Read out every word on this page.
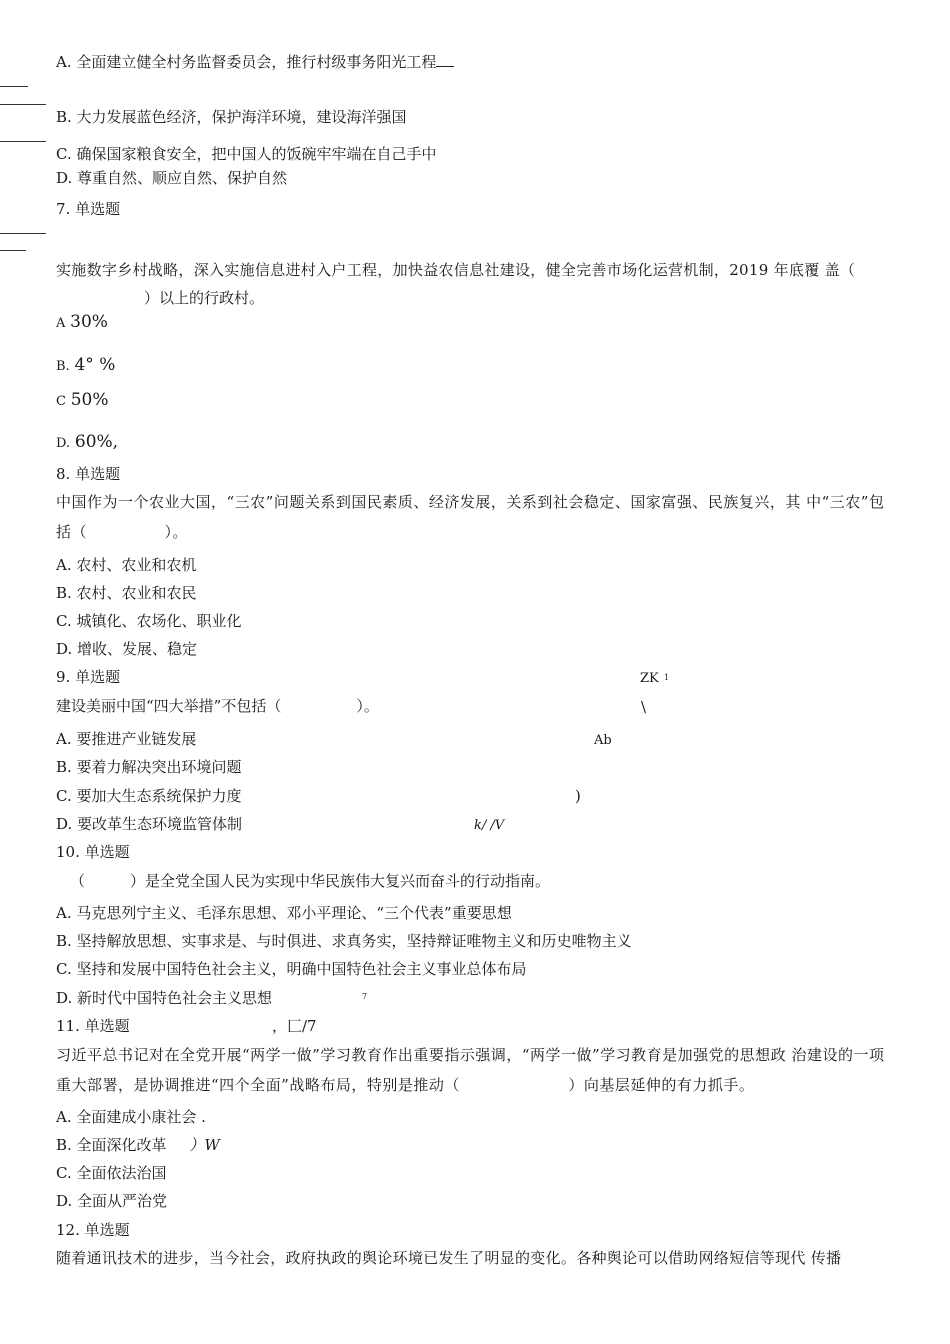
A. 全面建立健全村务监督委员会，推行村级事务阳光工程
B. 大力发展蓝色经济，保护海洋环境，建设海洋强国
C. 确保国家粮食安全，把中国人的饭碗牢牢端在自己手中
D. 尊重自然、顺应自然、保护自然
7. 单选题
实施数字乡村战略，深入实施信息进村入户工程，加快益农信息社建设，健全完善市场化运营机制，2019 年底覆 盖（
）以上的行政村。
A 30%
B. 4° %
C 50%
D. 60%,
8. 单选题
中国作为一个农业大国，“三农”问题关系到国民素质、经济发展，关系到社会稳定、国家富强、民族复兴，其 中“三农”包括（　　　　　）。
A. 农村、农业和农机
B. 农村、农业和农民
C. 城镇化、农场化、职业化
D. 增收、发展、稳定
9. 单选题
建设美丽中国“四大举措”不包括（　　　　　）。
A. 要推进产业链发展
B. 要着力解决突出环境问题
C. 要加大生态系统保护力度
D. 要改革生态环境监管体制
ZK 1
\
Ab
)
k/ /V
10. 单选题
（　　　）是全党全国人民为实现中华民族伟大复兴而奋斗的行动指南。
A. 马克思列宁主义、毛泽东思想、邓小平理论、“三个代表”重要思想
B. 坚持解放思想、实事求是、与时俱进、求真务实，坚持辩证唯物主义和历史唯物主义
C. 坚持和发展中国特色社会主义，明确中国特色社会主义事业总体布局
D. 新时代中国特色社会主义思想	7
11. 单选题	，匚/7
习近平总书记对在全党开展“两学一做”学习教育作出重要指示强调，“两学一做”学习教育是加强党的思想政 治建设的一项重大部署，是协调推进“四个全面”战略布局，特别是推动（　　　　　　　）向基层延伸的有力抓手。
A. 全面建成小康社会 .
B. 全面深化改革 ）W
C. 全面依法治国
D. 全面从严治党
12. 单选题
随着通讯技术的进步，当今社会，政府执政的舆论环境已发生了明显的变化。各种舆论可以借助网络短信等现代 传播
